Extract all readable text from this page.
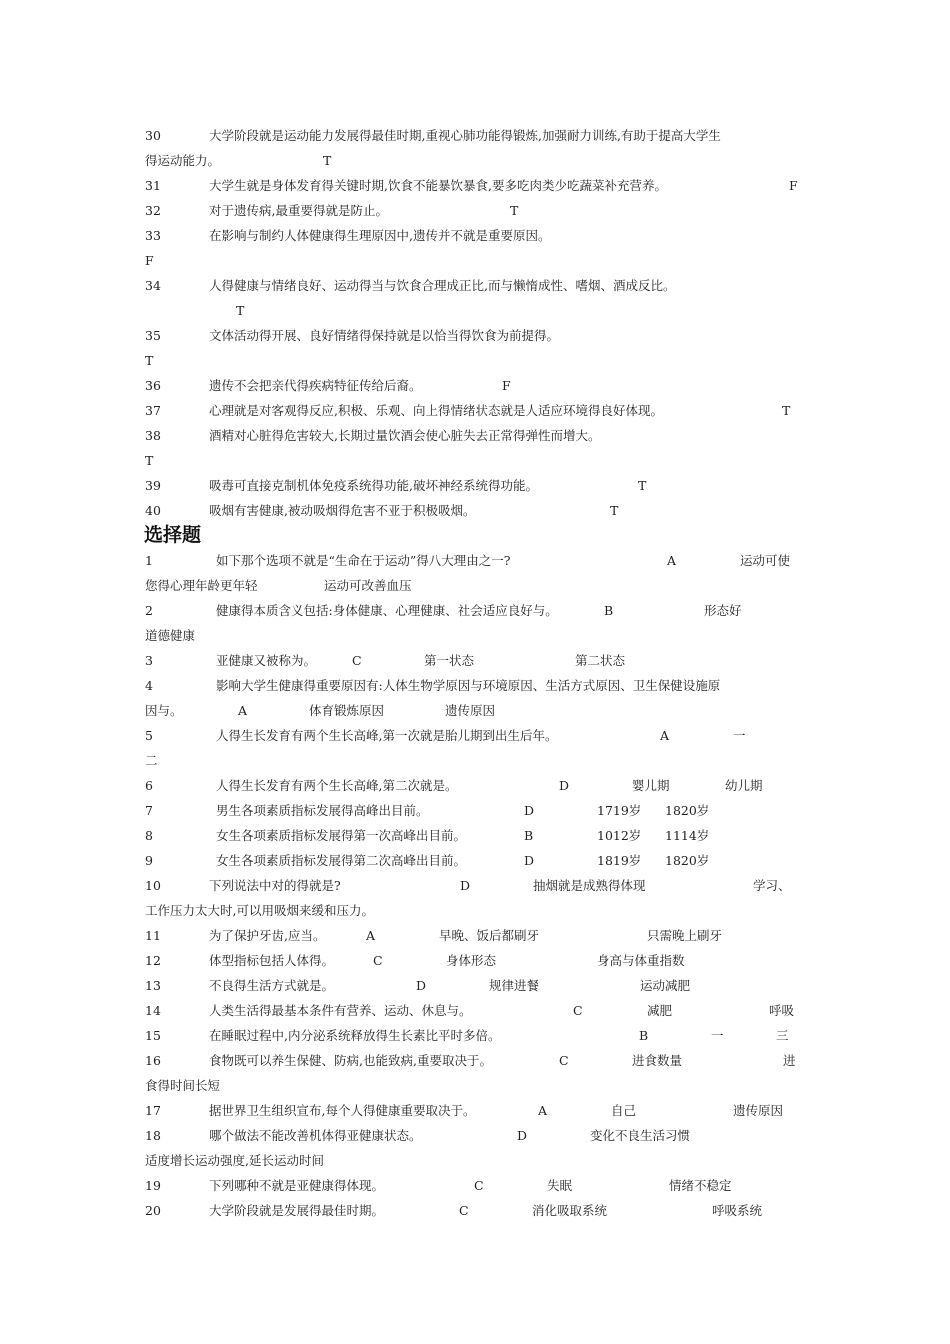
30	大学阶段就是运动能力发展得最佳时期,重视心肺功能得锻炼,加强耐力训练,有助于提高大学生
得运动能力。	T
31	大学生就是身体发育得关键时期,饮食不能暴饮暴食,要多吃肉类少吃蔬菜补充营养。	F
32	对于遗传病,最重要得就是防止。	T
33	在影响与制约人体健康得生理原因中,遗传并不就是重要原因。
F
34	人得健康与情绪良好、运动得当与饮食合理成正比,而与懒惰成性、嗜烟、酒成反比。
T
35	文体活动得开展、良好情绪得保持就是以恰当得饮食为前提得。
T
36	遗传不会把亲代得疾病特征传给后裔。	F
37	心理就是对客观得反应,积极、乐观、向上得情绪状态就是人适应环境得良好体现。	T
38	酒精对心脏得危害较大,长期过量饮酒会使心脏失去正常得弹性而增大。
T
39	吸毒可直接克制机体免疫系统得功能,破坏神经系统得功能。	T
40	吸烟有害健康,被动吸烟得危害不亚于积极吸烟。	T
选择题
1	如下那个选项不就是“生命在于运动”得八大理由之一?	A	运动可使
您得心理年龄更年轻	运动可改善血压
2	健康得本质含义包括:身体健康、心理健康、社会适应良好与。	B	形态好
道德健康
3	亚健康又被称为。	C	第一状态	第二状态
4	影响大学生健康得重要原因有:人体生物学原因与环境原因、生活方式原因、卫生保健设施原
因与。	A	体育锻炼原因	遗传原因
5	人得生长发育有两个生长高峰,第一次就是胎儿期到出生后年。	A	一
二
6	人得生长发育有两个生长高峰,第二次就是。	D	婴儿期	幼儿期
7	男生各项素质指标发展得高峰出目前。	D	1719岁 1820岁
8	女生各项素质指标发展得第一次高峰出目前。	B	1012岁 1114岁
9	女生各项素质指标发展得第二次高峰出目前。	D	1819岁 1820岁
10	下列说法中对的得就是?	D	抽烟就是成熟得体现	学习、
工作压力太大时,可以用吸烟来缓和压力。
11	为了保护牙齿,应当。	A	早晚、饭后都刷牙	只需晚上刷牙
12	体型指标包括人体得。	C	身体形态	身高与体重指数
13	不良得生活方式就是。	D	规律进餐	运动减肥
14	人类生活得最基本条件有营养、运动、休息与。	C	减肥	呼吸
15	在睡眠过程中,内分泌系统释放得生长素比平时多倍。	B	一	三
16	食物既可以养生保健、防病,也能致病,重要取决于。	C	进食数量	进
食得时间长短
17	据世界卫生组织宣布,每个人得健康重要取决于。	A	自己	遗传原因
18	哪个做法不能改善机体得亚健康状态。	D	变化不良生活习惯
适度增长运动强度,延长运动时间
19	下列哪种不就是亚健康得体现。	C	失眠	情绪不稳定
20	大学阶段就是发展得最佳时期。	C	消化吸取系统	呼吸系统
